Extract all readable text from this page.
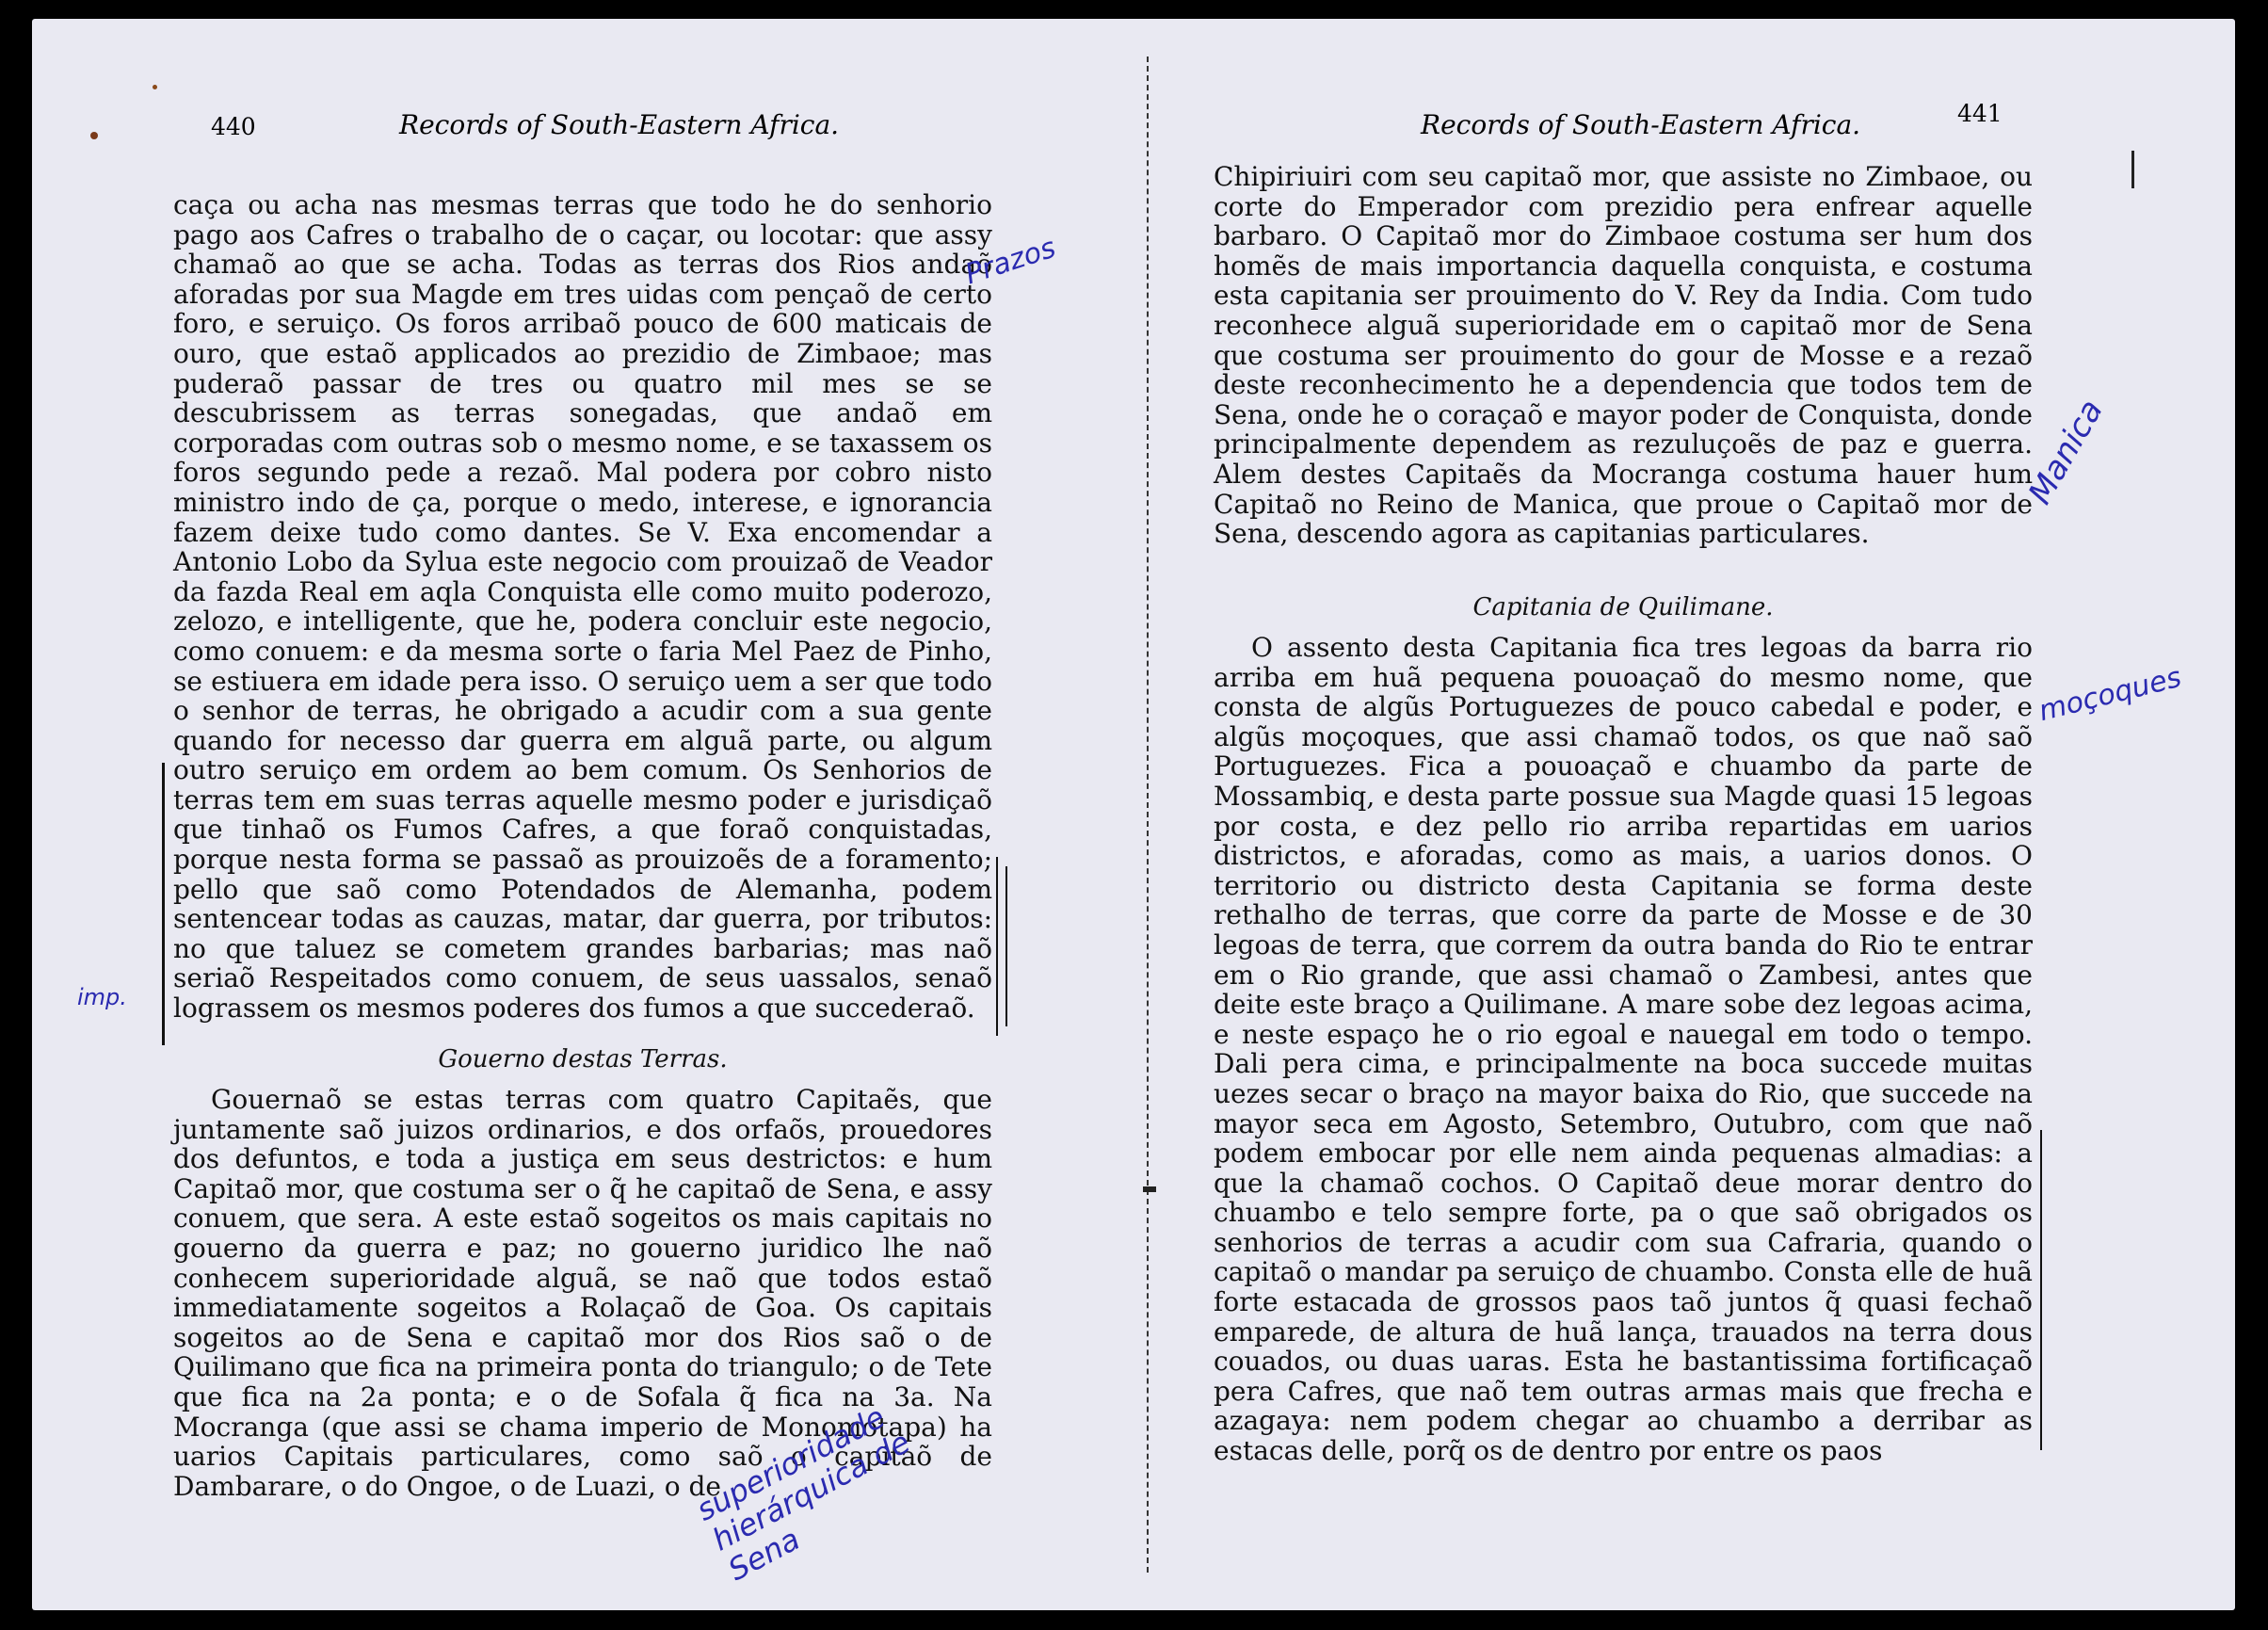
440	Records of South-Eastern Africa.

caça ou acha nas mesmas terras que todo he do senhorio pago aos Cafres o trabalho de o caçar, ou locotar: que assy chamaõ ao que se acha. Todas as terras dos Rios andaõ aforadas por sua Magde em tres uidas com pençaõ de certo foro, e seruiço. Os foros arribaõ pouco de 600 maticais de ouro, que estaõ applicados ao prezidio de Zimbaoe; mas puderaõ passar de tres ou quatro mil mes se se descubrissem as terras sonegadas, que andaõ em corporadas com outras sob o mesmo nome, e se taxassem os foros segundo pede a rezaõ. Mal podera por cobro nisto ministro indo de ça, porque o medo, interese, e ignorancia fazem deixe tudo como dantes. Se V. Exa encomendar a Antonio Lobo da Sylua este negocio com prouizaõ de Veador da fazda Real em aqla Conquista elle como muito poderozo, zelozo, e intelligente, que he, podera concluir este negocio, como conuem: e da mesma sorte o faria Mel Paez de Pinho, se estiuera em idade pera isso. O seruiço uem a ser que todo o senhor de terras, he obrigado a acudir com a sua gente quando for necesso dar guerra em alguã parte, ou algum outro seruiço em ordem ao bem comum. Os Senhorios de terras tem em suas terras aquelle mesmo poder e jurisdiçaõ que tinhaõ os Fumos Cafres, a que foraõ conquistadas, porque nesta forma se passaõ as prouizoẽs de a foramento; pello que saõ como Potendados de Alemanha, podem sentencear todas as cauzas, matar, dar guerra, por tributos: no que taluez se cometem grandes barbarias; mas naõ seriaõ Respeitados como conuem, de seus uassalos, senaõ lograssem os mesmos poderes dos fumos a que succederaõ.

Gouerno destas Terras.

Gouernaõ se estas terras com quatro Capitaẽs, que juntamente saõ juizos ordinarios, e dos orfaõs, prouedores dos defuntos, e toda a justiça em seus destrictos: e hum Capitaõ mor, que costuma ser o q̃ he capitaõ de Sena, e assy conuem, que sera. A este estaõ sogeitos os mais capitais no gouerno da guerra e paz; no gouerno juridico lhe naõ conhecem superioridade alguã, se naõ que todos estaõ immediatamente sogeitos a Rolaçaõ de Goa. Os capitais sogeitos ao de Sena e capitaõ mor dos Rios saõ o de Quilimano que fica na primeira ponta do triangulo; o de Tete que fica na 2a ponta; e o de Sofala q̃ fica na 3a. Na Mocranga (que assi se chama imperio de Monomotapa) ha uarios Capitais particulares, como saõ o capitaõ de Dambarare, o do Ongoe, o de Luazi, o de

Prazos
imp.
superioridade hierárquica de Sena
Records of South-Eastern Africa.	441

Chipiriuiri com seu capitaõ mor, que assiste no Zimbaoe, ou corte do Emperador com prezidio pera enfrear aquelle barbaro. O Capitaõ mor do Zimbaoe costuma ser hum dos homẽs de mais importancia daquella conquista, e costuma esta capitania ser prouimento do V. Rey da India. Com tudo reconhece alguã superioridade em o capitaõ mor de Sena que costuma ser prouimento do gour de Mosse e a rezaõ deste reconhecimento he a dependencia que todos tem de Sena, onde he o coraçaõ e mayor poder de Conquista, donde principalmente dependem as rezuluçoẽs de paz e guerra. Alem destes Capitaẽs da Mocranga costuma hauer hum Capitaõ no Reino de Manica, que proue o Capitaõ mor de Sena, descendo agora as capitanias particulares.

Capitania de Quilimane.

O assento desta Capitania fica tres legoas da barra rio arriba em huã pequena pouoaçaõ do mesmo nome, que consta de algũs Portuguezes de pouco cabedal e poder, e algũs moçoques, que assi chamaõ todos, os que naõ saõ Portuguezes. Fica a pouoaçaõ e chuambo da parte de Mossambiq, e desta parte possue sua Magde quasi 15 legoas por costa, e dez pello rio arriba repartidas em uarios districtos, e aforadas, como as mais, a uarios donos. O territorio ou districto desta Capitania se forma deste rethalho de terras, que corre da parte de Mosse e de 30 legoas de terra, que correm da outra banda do Rio te entrar em o Rio grande, que assi chamaõ o Zambesi, antes que deite este braço a Quilimane. A mare sobe dez legoas acima, e neste espaço he o rio egoal e nauegal em todo o tempo. Dali pera cima, e principalmente na boca succede muitas uezes secar o braço na mayor baixa do Rio, que succede na mayor seca em Agosto, Setembro, Outubro, com que naõ podem embocar por elle nem ainda pequenas almadias: a que la chamaõ cochos. O Capitaõ deue morar dentro do chuambo e telo sempre forte, pa o que saõ obrigados os senhorios de terras a acudir com sua Cafraria, quando o capitaõ o mandar pa seruiço de chuambo. Consta elle de huã forte estacada de grossos paos taõ juntos q̃ quasi fechaõ emparede, de altura de huã lança, trauados na terra dous couados, ou duas uaras. Esta he bastantissima fortificaçaõ pera Cafres, que naõ tem outras armas mais que frecha e azagaya: nem podem chegar ao chuambo a derribar as estacas delle, porq̃ os de dentro por entre os paos

Manica
moçoques
